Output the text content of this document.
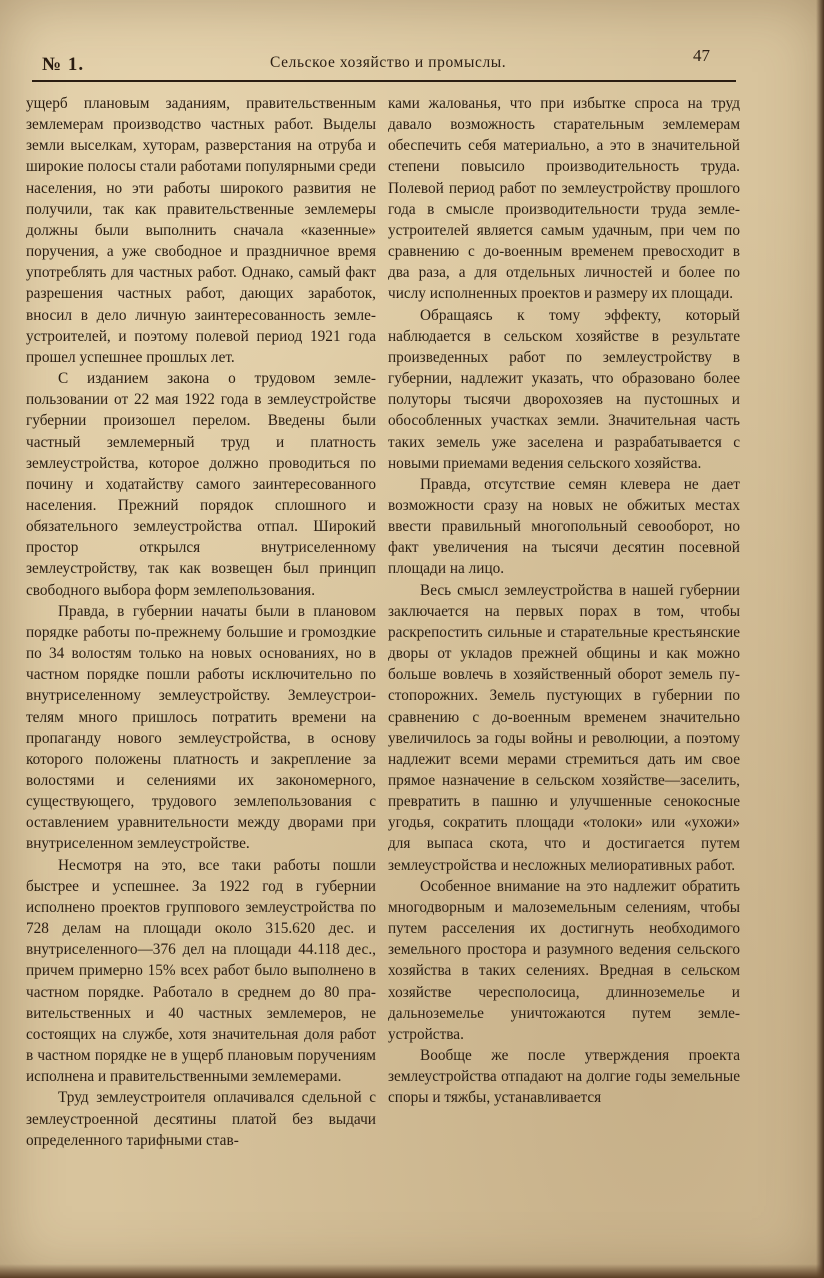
№ 1.	Сельское хозяйство и промыслы.	47

ущерб плановым заданиям, правительственным землемерам производство частных работ. Выделы земли выселкам, хуторам, разверстания на отруба и широкие полосы стали работами популярными среди населения, но эти работы широкого развития не получили, так как правительственные землемеры должны были выполнить сначала «казенные» поручения, а уже свободное и праздничное время употреблять для частных работ. Однако, самый факт разрешения частных работ, дающих заработок, вносил в дело личную заинтересованность землеустроителей, и поэтому полевой период 1921 года прошел успешнее прошлых лет.

С изданием закона о трудовом землепользовании от 22 мая 1922 года в землеустройстве губернии произошел перелом. Введены были частный землемерный труд и платность землеустройства, которое должно проводиться по почину и ходатайству самого заинтересованного населения. Прежний порядок сплошного и обязательного землеустройства отпал. Широкий простор открылся внутриселенному землеустройству, так как возвещен был принцип свободного выбора форм землепользования.

Правда, в губернии начаты были в плановом порядке работы по-прежнему большие и громоздкие по 34 волостям только на новых основаниях, но в частном порядке пошли работы исключительно по внутриселенному землеустройству. Землеустроителям много пришлось потратить времени на пропаганду нового землеустройства, в основу которого положены платность и закрепление за волостями и селениями их закономерного, существующего, трудового землепользования с оставлением уравнительности между дворами при внутриселенном землеустройстве.

Несмотря на это, все таки работы пошли быстрее и успешнее. За 1922 год в губернии исполнено проектов группового землеустройства по 728 делам на площади около 315.620 дес. и внутриселенного—376 дел на площади 44.118 дес., причем примерно 15% всех работ было выполнено в частном порядке. Работало в среднем до 80 правительственных и 40 частных землемеров, не состоящих на службе, хотя значительная доля работ в частном порядке не в ущерб плановым поручениям исполнена и правительственными землемерами.

Труд землеустроителя оплачивался сдельной с землеустроенной десятины платой без выдачи определенного тарифными став-

ками жалованья, что при избытке спроса на труд давало возможность старательным землемерам обеспечить себя материально, а это в значительной степени повысило производительность труда. Полевой период работ по землеустройству прошлого года в смысле производительности труда землеустроителей является самым удачным, при чем по сравнению с до-военным временем превосходит в два раза, а для отдельных личностей и более по числу исполненных проектов и размеру их площади.

Обращаясь к тому эффекту, который наблюдается в сельском хозяйстве в результате произведенных работ по землеустройству в губернии, надлежит указать, что образовано более полуторы тысячи дворохозяев на пустошных и обособленных участках земли. Значительная часть таких земель уже заселена и разрабатывается с новыми приемами ведения сельского хозяйства.

Правда, отсутствие семян клевера не дает возможности сразу на новых не обжитых местах ввести правильный многопольный севооборот, но факт увеличения на тысячи десятин посевной площади на лицо.

Весь смысл землеустройства в нашей губернии заключается на первых порах в том, чтобы раскрепостить сильные и старательные крестьянские дворы от укладов прежней общины и как можно больше вовлечь в хозяйственный оборот земель пустопорожних. Земель пустующих в губернии по сравнению с до-военным временем значительно увеличилось за годы войны и революции, а поэтому надлежит всеми мерами стремиться дать им свое прямое назначение в сельском хозяйстве—заселить, превратить в пашню и улучшенные сенокосные угодья, сократить площади «толоки» или «ухожи» для выпаса скота, что и достигается путем землеустройства и несложных мелиоративных работ.

Особенное внимание на это надлежит обратить многодворным и малоземельным селениям, чтобы путем расселения их достигнуть необходимого земельного простора и разумного ведения сельского хозяйства в таких селениях. Вредная в сельском хозяйстве чересполосица, длинноземелье и дальноземелье уничтожаются путем землеустройства.

Вообще же после утверждения проекта землеустройства отпадают на долгие годы земельные споры и тяжбы, устанавливается
